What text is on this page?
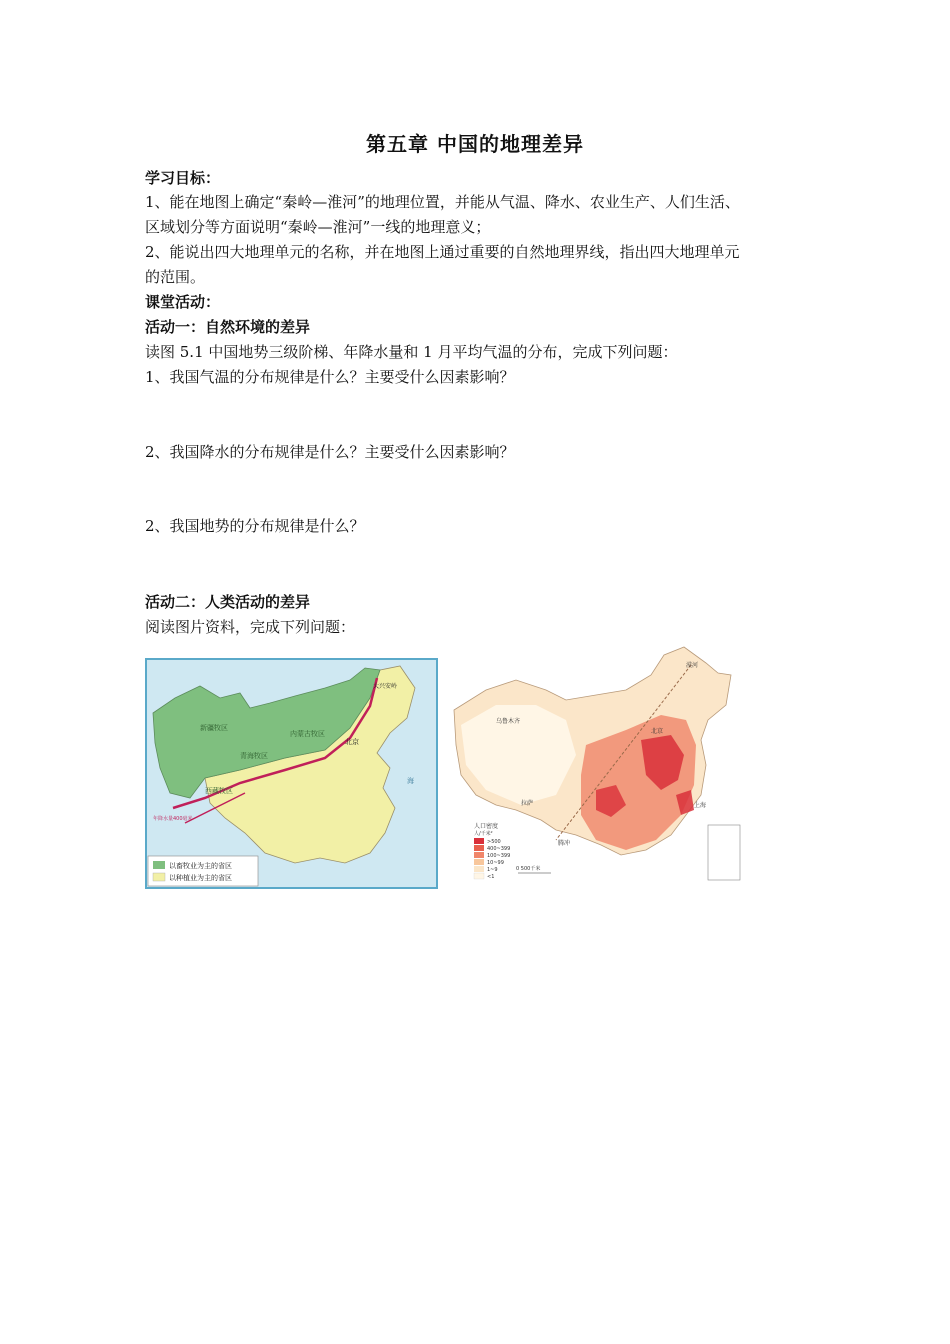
第五章 中国的地理差异
学习目标：
1、能在地图上确定“秦岭—淮河”的地理位置，并能从气温、降水、农业生产、人们生活、
区域划分等方面说明“秦岭—淮河”一线的地理意义；
2、能说出四大地理单元的名称，并在地图上通过重要的自然地理界线，指出四大地理单元
的范围。
课堂活动：
活动一：自然环境的差异
读图 5.1 中国地势三级阶梯、年降水量和 1 月平均气温的分布，完成下列问题：
1、我国气温的分布规律是什么？主要受什么因素影响？
2、我国降水的分布规律是什么？主要受什么因素影响？
2、我国地势的分布规律是什么？
活动二：人类活动的差异
阅读图片资料，完成下列问题：
新疆牧区
西藏牧区
青海牧区
内蒙古牧区
北京
大兴安岭
年降水量400毫米
海
以畜牧业为主的省区
以种植业为主的省区
漠河
乌鲁木齐
北京
拉萨	上海
腾冲
人口密度
人/千米²
>500
400~399
100~399
10~99
1~9
<1
0 500千米
